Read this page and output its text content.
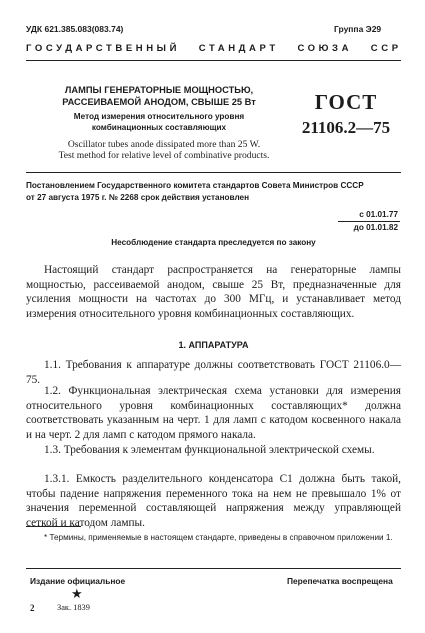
УДК 621.385.083(083.74)	Группа Э29
ГОСУДАРСТВЕННЫЙ   СТАНДАРТ   СОЮЗА   ССР
ЛАМПЫ ГЕНЕРАТОРНЫЕ МОЩНОСТЬЮ,
РАССЕИВАЕМОЙ АНОДОМ, СВЫШЕ 25 Вт
Метод измерения относительного уровня
комбинационных составляющих
Oscillator tubes anode dissipated more than 25 W.
Test method for relative level of combinative products.
ГОСТ
21106.2—75
Постановлением Государственного комитета стандартов Совета Министров СССР
от 27 августа 1975 г. № 2268 срок действия установлен
с 01.01.77
до 01.01.82
Несоблюдение стандарта преследуется по закону
Настоящий стандарт распространяется на генераторные лампы мощностью, рассеиваемой анодом, свыше 25 Вт, предназначенные для усиления мощности на частотах до 300 МГц, и устанавливает метод измерения относительного уровня комбинационных составляющих.
1. АППАРАТУРА
1.1. Требования к аппаратуре должны соответствовать ГОСТ 21106.0—75.
1.2. Функциональная электрическая схема установки для измерения относительного уровня комбинационных составляющих* должна соответствовать указанным на черт. 1 для ламп с катодом косвенного накала и на черт. 2 для ламп с катодом прямого накала.
1.3. Требования к элементам функциональной электрической схемы.
1.3.1. Емкость разделительного конденсатора C1 должна быть такой, чтобы падение напряжения переменного тока на нем не превышало 1% от значения переменной составляющей напряжения между управляющей сеткой и катодом лампы.
* Термины, применяемые в настоящем стандарте, приведены в справочном приложении 1.
Издание официальное	Перепечатка воспрещена
★
2	Зак. 1839
